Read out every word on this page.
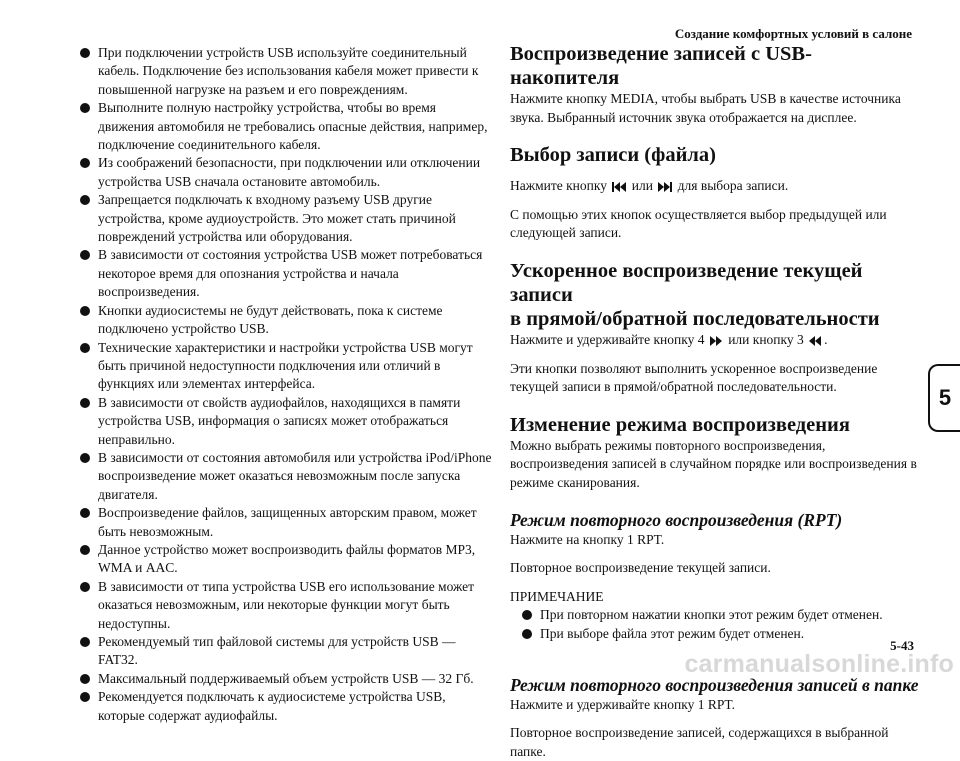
Создание комфортных условий в салоне
При подключении устройств USB используйте соединительный кабель. Подключение без использования кабеля может привести к повышенной нагрузке на разъем и его повреждениям.
Выполните полную настройку устройства, чтобы во время движения автомобиля не требовались опасные действия, например, подключение соединительного кабеля.
Из соображений безопасности, при подключении или отключении устройства USB сначала остановите автомобиль.
Запрещается подключать к входному разъему USB другие устройства, кроме аудиоустройств. Это может стать причиной повреждений устройства или оборудования.
В зависимости от состояния устройства USB может потребоваться некоторое время для опознания устройства и начала воспроизведения.
Кнопки аудиосистемы не будут действовать, пока к системе подключено устройство USB.
Технические характеристики и настройки устройства USB могут быть причиной недоступности подключения или отличий в функциях или элементах интерфейса.
В зависимости от свойств аудиофайлов, находящихся в памяти устройства USB, информация о записях может отображаться неправильно.
В зависимости от состояния автомобиля или устройства iPod/iPhone воспроизведение может оказаться невозможным после запуска двигателя.
Воспроизведение файлов, защищенных авторским правом, может быть невозможным.
Данное устройство может воспроизводить файлы форматов MP3, WMA и AAC.
В зависимости от типа устройства USB его использование может оказаться невозможным, или некоторые функции могут быть недоступны.
Рекомендуемый тип файловой системы для устройств USB — FAT32.
Максимальный поддерживаемый объем устройств USB — 32 Гб.
Рекомендуется подключать к аудиосистеме устройства USB, которые содержат аудиофайлы.
Воспроизведение записей с USB-накопителя

Нажмите кнопку MEDIA, чтобы выбрать USB в качестве источника звука. Выбранный источник звука отображается на дисплее.

Выбор записи (файла)

Нажмите кнопку или для выбора записи.

С помощью этих кнопок осуществляется выбор предыдущей или следующей записи.

Ускоренное воспроизведение текущей записи
в прямой/обратной последовательности

Нажмите и удерживайте кнопку 4 или кнопку 3 .

Эти кнопки позволяют выполнить ускоренное воспроизведение текущей записи в прямой/обратной последовательности.

Изменение режима воспроизведения

Можно выбрать режимы повторного воспроизведения, воспроизведения записей в случайном порядке или воспроизведения в режиме сканирования.

Режим повторного воспроизведения (RPT)

Нажмите на кнопку 1 RPT.

Повторное воспроизведение текущей записи.

ПРИМЕЧАНИЕ

При повторном нажатии кнопки этот режим будет отменен.
При выборе файла этот режим будет отменен.
Режим повторного воспроизведения записей в папке

Нажмите и удерживайте кнопку 1 RPT.

Повторное воспроизведение записей, содержащихся в выбранной папке.

5
5-43
carmanualsonline.info
